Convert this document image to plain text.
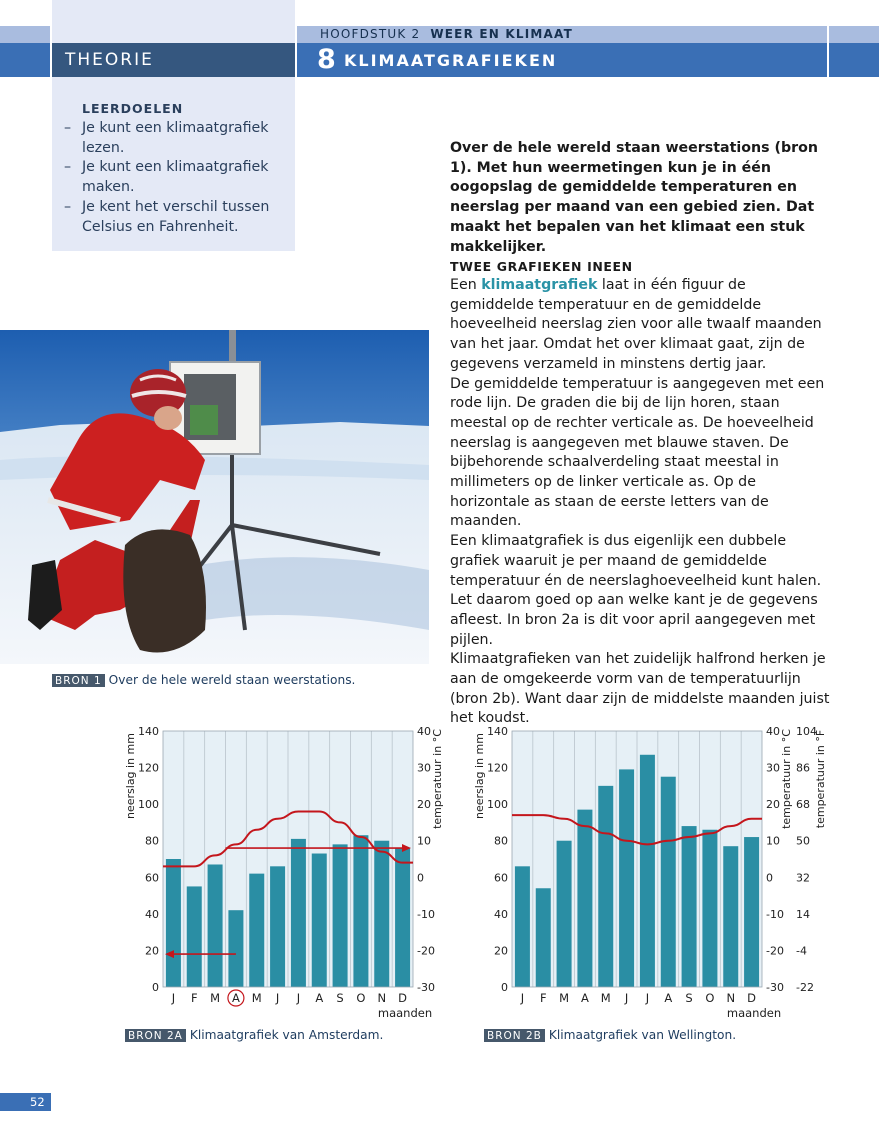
THEORIE
HOOFDSTUK 2 WEER EN KLIMAAT
8 KLIMAATGRAFIEKEN
LEERDOELEN
– Je kunt een klimaatgrafiek lezen.
– Je kunt een klimaatgrafiek maken.
– Je kent het verschil tussen Celsius en Fahrenheit.
Over de hele wereld staan weerstations (bron 1). Met hun weermetingen kun je in één oogopslag de gemiddelde temperaturen en neerslag per maand van een gebied zien. Dat maakt het bepalen van het klimaat een stuk makkelijker.
TWEE GRAFIEKEN INEEN
Een klimaatgrafiek laat in één figuur de gemiddelde temperatuur en de gemiddelde hoeveelheid neerslag zien voor alle twaalf maanden van het jaar. Omdat het over klimaat gaat, zijn de gegevens verzameld in minstens dertig jaar.
De gemiddelde temperatuur is aangegeven met een rode lijn. De graden die bij de lijn horen, staan meestal op de rechter verticale as. De hoeveelheid neerslag is aangegeven met blauwe staven. De bijbehorende schaalverdeling staat meestal in millimeters op de linker verticale as. Op de horizontale as staan de eerste letters van de maanden.
Een klimaatgrafiek is dus eigenlijk een dubbele grafiek waaruit je per maand de gemiddelde temperatuur én de neerslaghoeveelheid kunt halen. Let daarom goed op aan welke kant je de gegevens afleest. In bron 2a is dit voor april aangegeven met pijlen.
Klimaatgrafieken van het zuidelijk halfrond herken je aan de omgekeerde vorm van de temperatuurlijn (bron 2b). Want daar zijn de middelste maanden juist het koudst.
BRON 1 Over de hele wereld staan weerstations.
0
20
40
60
80
100
120
140
-30
-20
-10
0
10
20
30
40
J F M A M J J A S O N D
maanden
neerslag in mm	temperatuur in °C
BRON 2A Klimaatgrafiek van Amsterdam.
0
20
40
60
80
100
120
140
-30
-20
-10
0
10
20
30
40
-22
-4
14
32
50
68
86
104
temperatuur in °F
J F M A M J J A S O N D
maanden
neerslag in mm	temperatuur in °C
BRON 2B Klimaatgrafiek van Wellington.
52
